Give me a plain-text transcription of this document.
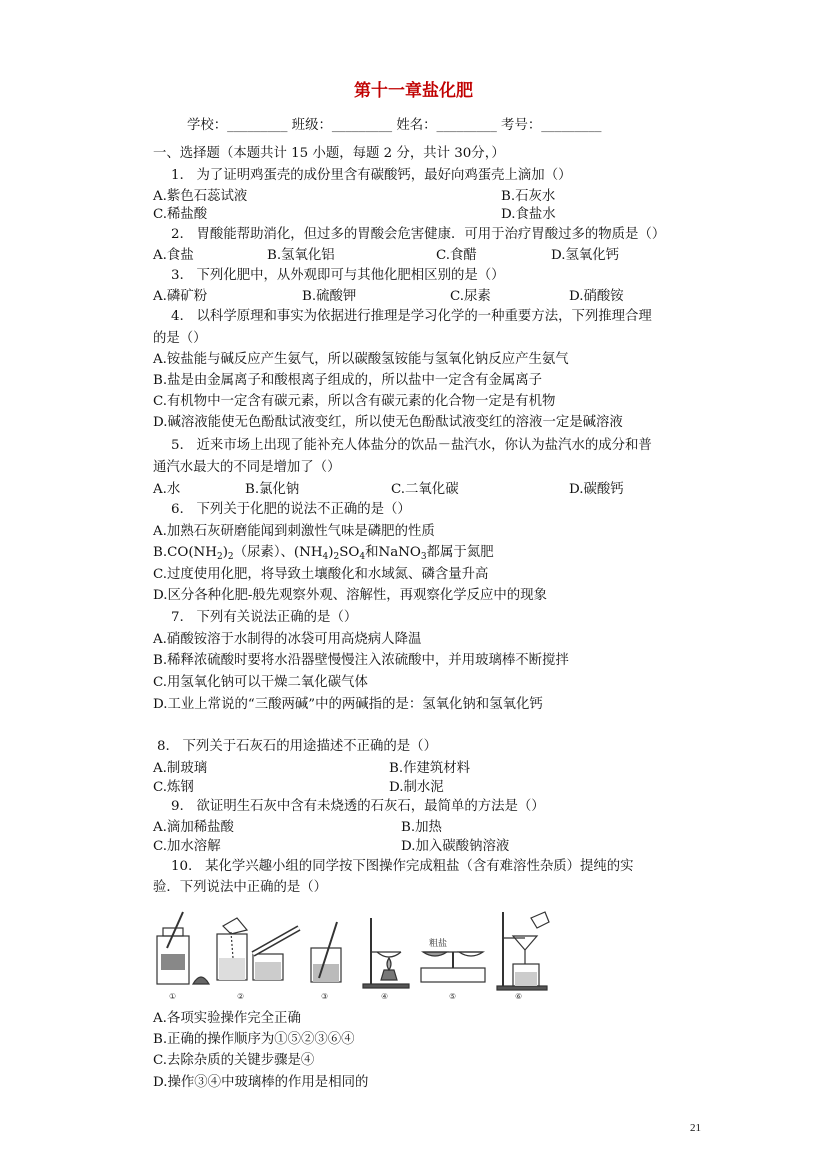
第十一章盐化肥
学校：_________ 班级：_________ 姓名：_________ 考号：_________
一、选择题（本题共计 15 小题，每题 2 分，共计 30分，）
1.   为了证明鸡蛋壳的成份里含有碳酸钙，最好向鸡蛋壳上滴加（）
A.紫色石蕊试液	B.石灰水
C.稀盐酸	D.食盐水
2.   胃酸能帮助消化，但过多的胃酸会危害健康．可用于治疗胃酸过多的物质是（）
A.食盐	B.氢氧化铝	C.食醋	D.氢氧化钙
3.   下列化肥中，从外观即可与其他化肥相区别的是（）
A.磷矿粉	B.硫酸钾	C.尿素	D.硝酸铵
4.   以科学原理和事实为依据进行推理是学习化学的一种重要方法，下列推理合理
的是（）
A.铵盐能与碱反应产生氨气，所以碳酸氢铵能与氢氧化钠反应产生氨气
B.盐是由金属离子和酸根离子组成的，所以盐中一定含有金属离子
C.有机物中一定含有碳元素，所以含有碳元素的化合物一定是有机物
D.碱溶液能使无色酚酞试液变红，所以使无色酚酞试液变红的溶液一定是碱溶液
5.   近来市场上出现了能补充人体盐分的饮品－盐汽水，你认为盐汽水的成分和普
通汽水最大的不同是增加了（）
A.水	B.氯化钠	C.二氧化碳	D.碳酸钙
6.   下列关于化肥的说法不正确的是（）
A.加熟石灰研磨能闻到刺激性气味是磷肥的性质
$B.CO(NH_2)_2$（尿素）、$(NH_4)_2SO_4$和NaNO$_3$都属于氮肥
C.过度使用化肥，将导致土壤酸化和水域氮、磷含量升高
D.区分各种化肥-般先观察外观、溶解性，再观察化学反应中的现象
7.   下列有关说法正确的是（）
A.硝酸铵溶于水制得的冰袋可用高烧病人降温
B.稀释浓硫酸时要将水沿器壁慢慢注入浓硫酸中，并用玻璃棒不断搅拌
C.用氢氧化钠可以干燥二氧化碳气体
D.工业上常说的“三酸两碱”中的两碱指的是：氢氧化钠和氢氧化钙
8.   下列关于石灰石的用途描述不正确的是（）
A.制玻璃	B.作建筑材料
C.炼钢	D.制水泥
9.   欲证明生石灰中含有未烧透的石灰石，最简单的方法是（）
A.滴加稀盐酸	B.加热
C.加水溶解	D.加入碳酸钠溶液
10.   某化学兴趣小组的同学按下图操作完成粗盐（含有难溶性杂质）提纯的实
验．下列说法中正确的是（）
粗盐
①	②	③	④	⑤	⑥
A.各项实验操作完全正确
B.正确的操作顺序为①⑤②③⑥④
C.去除杂质的关键步骤是④
D.操作③④中玻璃棒的作用是相同的
21
